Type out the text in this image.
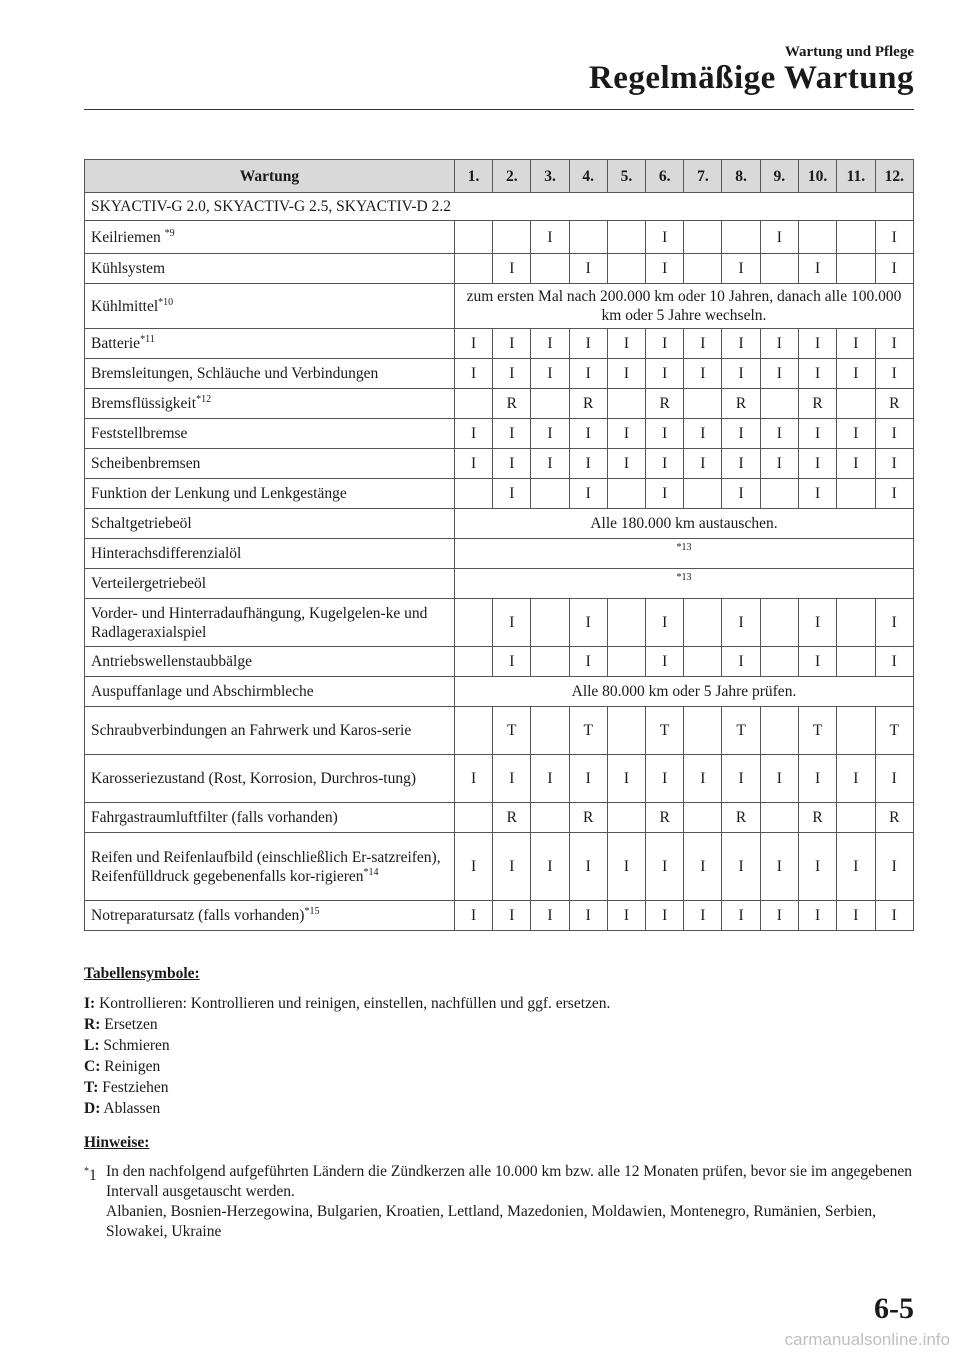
Wartung und Pflege
Regelmäßige Wartung
Wartung	1.	2.	3.	4.	5.	6.	7.	8.	9.	10.	11.	12.
SKYACTIV-G 2.0, SKYACTIV-G 2.5, SKYACTIV-D 2.2												
Keilriemen $^{*9}$			I			I			I			I
Kühlsystem		I		I		I		I		I		I
Kühlmittel$^{*10}$	zum ersten Mal nach 200.000 km oder 10 Jahren, danach alle 100.000 km oder 5 Jahre wechseln.											
Batterie$^{*11}$	I	I	I	I	I	I	I	I	I	I	I	I
Bremsleitungen, Schläuche und Verbindungen	I	I	I	I	I	I	I	I	I	I	I	I
Bremsflüssigkeit$^{*12}$		R		R		R		R		R		R
Feststellbremse	I	I	I	I	I	I	I	I	I	I	I	I
Scheibenbremsen	I	I	I	I	I	I	I	I	I	I	I	I
Funktion der Lenkung und Lenkgestänge		I		I		I		I		I		I
Schaltgetriebeöl	Alle 180.000 km austauschen.											
Hinterachsdifferenzialöl	$^{*13}$
Verteilergetriebeöl	$^{*13}$
Vorder- und Hinterradaufhängung, Kugelgelen-ke und Radlageraxialspiel		I		I		I		I		I		I
Antriebswellenstaubbälge		I		I		I		I		I		I
Auspuffanlage und Abschirmbleche	Alle 80.000 km oder 5 Jahre prüfen.											
Schraubverbindungen an Fahrwerk und Karos-serie		T		T		T		T		T		T
Karosseriezustand (Rost, Korrosion, Durchros-tung)	I	I	I	I	I	I	I	I	I	I	I	I
Fahrgastraumluftfilter (falls vorhanden)		R		R		R		R		R		R
Reifen und Reifenlaufbild (einschließlich Er-satzreifen), Reifenfülldruck gegebenenfalls kor-rigieren$^{*14}$	I	I	I	I	I	I	I	I	I	I	I	I
Notreparatursatz (falls vorhanden)$^{*15}$	I	I	I	I	I	I	I	I	I	I	I	I
Tabellensymbole:
I: Kontrollieren: Kontrollieren und reinigen, einstellen, nachfüllen und ggf. ersetzen.
R: Ersetzen
L: Schmieren
C: Reinigen
T: Festziehen
D: Ablassen
Hinweise:
*1 In den nachfolgend aufgeführten Ländern die Zündkerzen alle 10.000 km bzw. alle 12 Monaten prüfen, bevor sie im angegebenen Intervall ausgetauscht werden.
Albanien, Bosnien-Herzegowina, Bulgarien, Kroatien, Lettland, Mazedonien, Moldawien, Montenegro, Rumänien, Serbien, Slowakei, Ukraine
6-5
carmanualsonline.info
